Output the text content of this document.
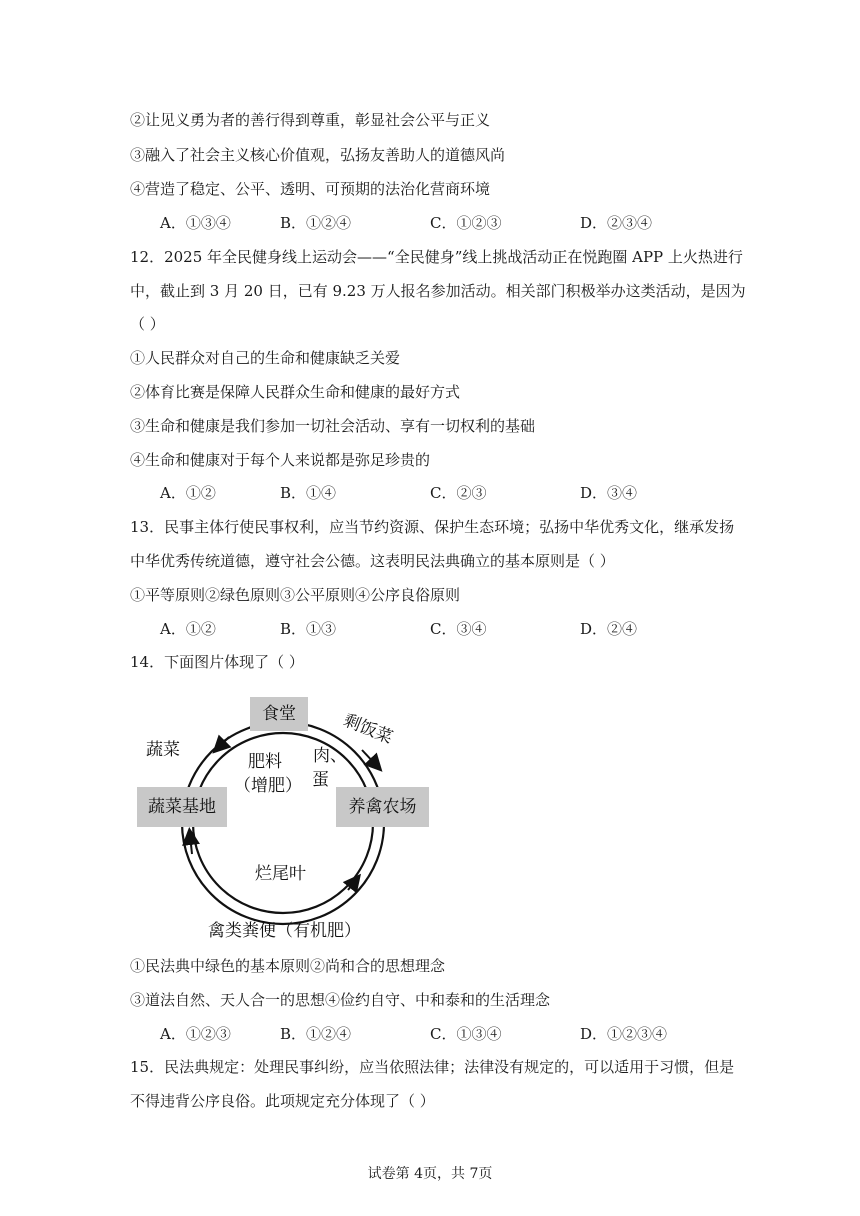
②让见义勇为者的善行得到尊重，彰显社会公平与正义
③融入了社会主义核心价值观，弘扬友善助人的道德风尚
④营造了稳定、公平、透明、可预期的法治化营商环境
A．①③④	B．①②④	C．①②③	D．②③④
12．2025 年全民健身线上运动会——“全民健身”线上挑战活动正在悦跑圈 APP 上火热进行
中，截止到 3 月 20 日，已有 9.23 万人报名参加活动。相关部门积极举办这类活动，是因为
（ ）
①人民群众对自己的生命和健康缺乏关爱
②体育比赛是保障人民群众生命和健康的最好方式
③生命和健康是我们参加一切社会活动、享有一切权利的基础
④生命和健康对于每个人来说都是弥足珍贵的
A．①②	B．①④	C．②③	D．③④
13．民事主体行使民事权利，应当节约资源、保护生态环境；弘扬中华优秀文化，继承发扬
中华优秀传统道德，遵守社会公德。这表明民法典确立的基本原则是（ ）
①平等原则②绿色原则③公平原则④公序良俗原则
A．①②	B．①③	C．③④	D．②④
14．下面图片体现了（ ）
食堂
蔬菜基地	养禽农场
剩饭菜
蔬菜
肥料
（增肥）
肉、
蛋
烂尾叶
禽类粪便（有机肥）
①民法典中绿色的基本原则②尚和合的思想理念
③道法自然、天人合一的思想④俭约自守、中和泰和的生活理念
A．①②③	B．①②④	C．①③④	D．①②③④
15．民法典规定：处理民事纠纷，应当依照法律；法律没有规定的，可以适用于习惯，但是
不得违背公序良俗。此项规定充分体现了（ ）
试卷第 4页，共 7页
